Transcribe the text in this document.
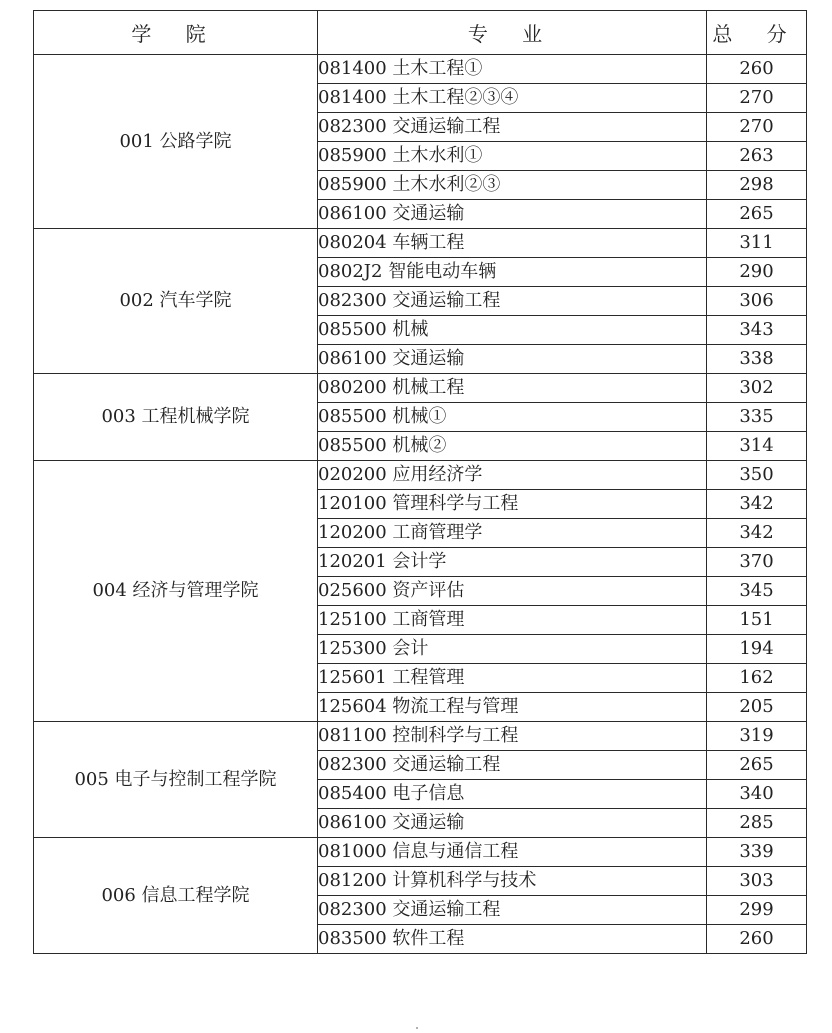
学 院	专 业	总 分
001 公路学院	081400 土木工程①	260
	081400 土木工程②③④	270
	082300 交通运输工程	270
	085900 土木水利①	263
	085900 土木水利②③	298
	086100 交通运输	265
002 汽车学院	080204 车辆工程	311
	0802J2 智能电动车辆	290
	082300 交通运输工程	306
	085500 机械	343
	086100 交通运输	338
003 工程机械学院	080200 机械工程	302
	085500 机械①	335
	085500 机械②	314
004 经济与管理学院	020200 应用经济学	350
	120100 管理科学与工程	342
	120200 工商管理学	342
	120201 会计学	370
	025600 资产评估	345
	125100 工商管理	151
	125300 会计	194
	125601 工程管理	162
	125604 物流工程与管理	205
005 电子与控制工程学院	081100 控制科学与工程	319
	082300 交通运输工程	265
	085400 电子信息	340
	086100 交通运输	285
006 信息工程学院	081000 信息与通信工程	339
	081200 计算机科学与技术	303
	082300 交通运输工程	299
	083500 软件工程	260
